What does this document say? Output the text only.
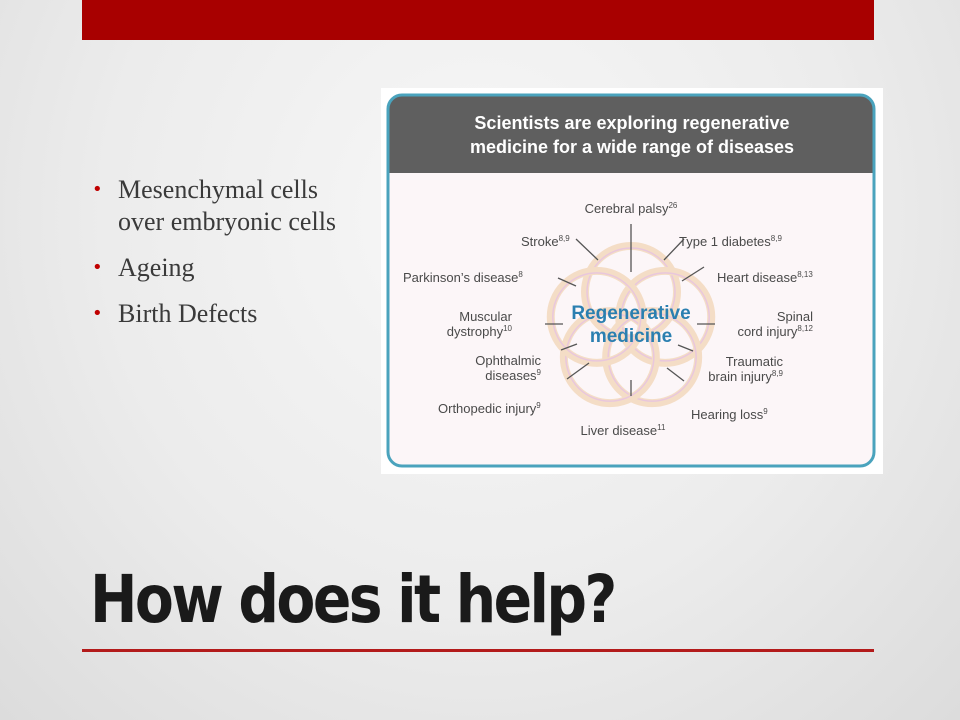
• Mesenchymal cells over embryonic cells
• Ageing
• Birth Defects
Scientists are exploring regenerative
medicine for a wide range of diseases
Cerebral palsy$^{26}$
Type 1 diabetes$^{8,9}$
Heart disease$^{8,13}$
Spinal
cord injury$^{8,12}$
Traumatic
brain injury$^{8,9}$
Hearing loss$^9$
Liver disease$^{11}$
Orthopedic injury$^9$
Ophthalmic
diseases$^9$
Muscular
dystrophy$^{10}$
Parkinson’s disease$^8$
Stroke$^{8,9}$
Regenerative
medicine
How does it help?
